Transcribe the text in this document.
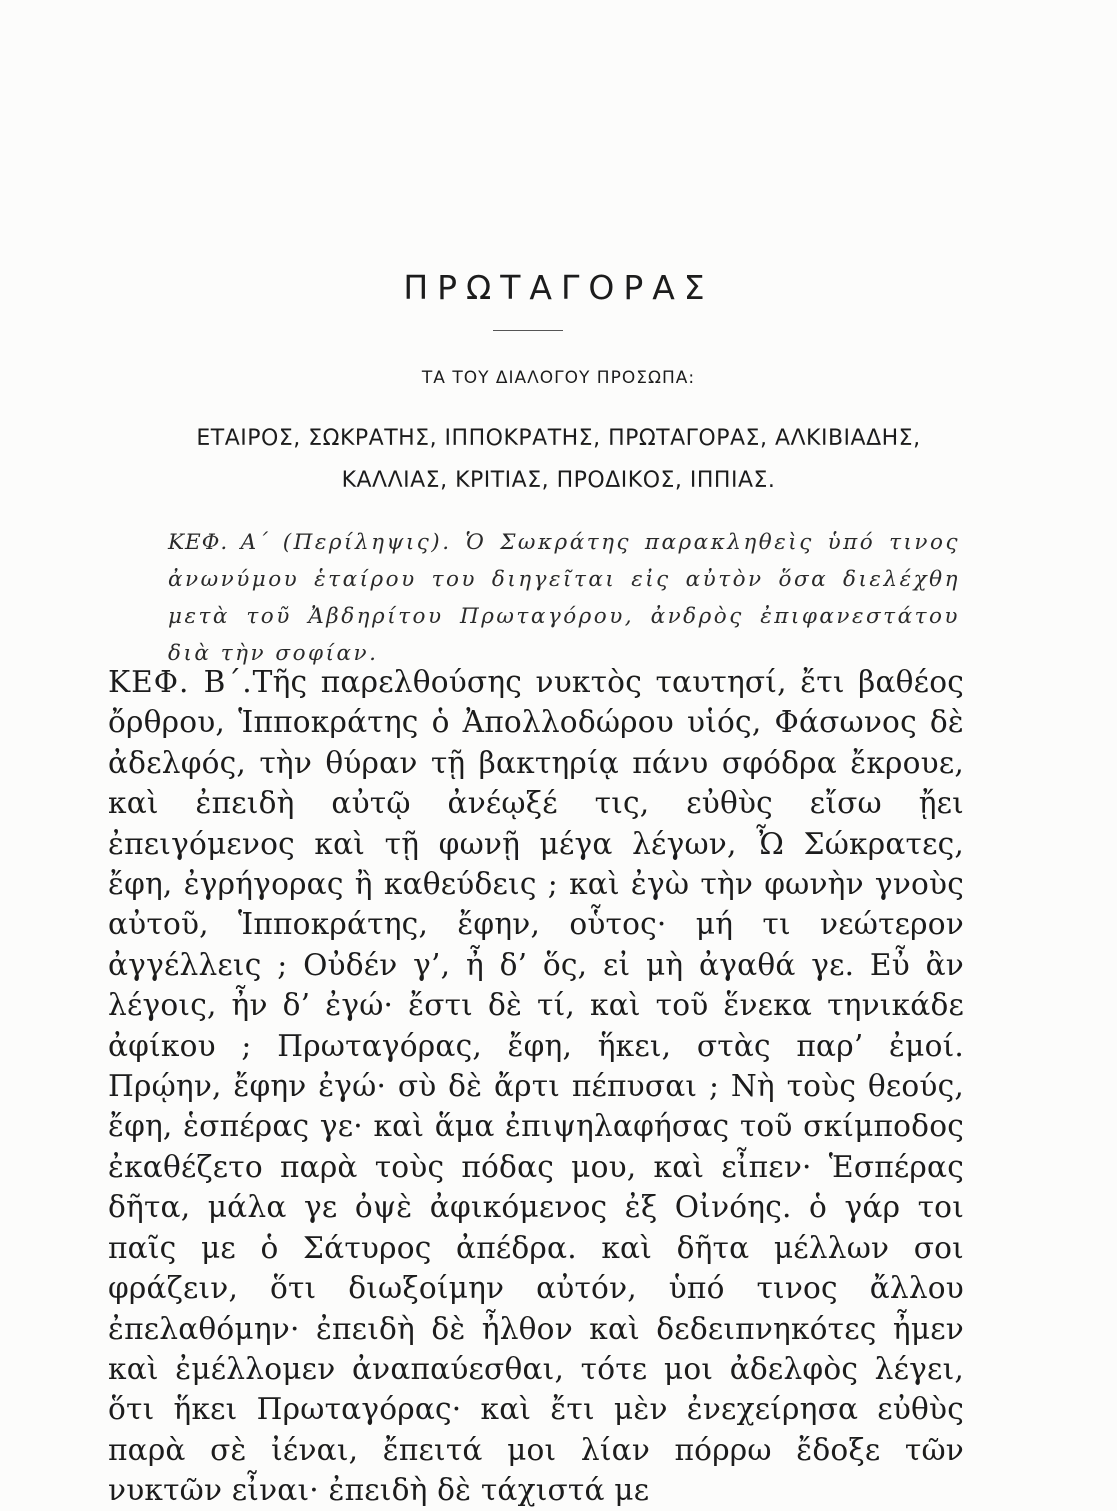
ΠΡΩΤΑΓΟΡΑΣ
ΤΑ ΤΟΥ ΔΙΑΛΟΓΟΥ ΠΡΟΣΩΠΑ:
ΕΤΑΙΡΟΣ, ΣΩΚΡΑΤΗΣ, ΙΠΠΟΚΡΑΤΗΣ, ΠΡΩΤΑΓΟΡΑΣ, ΑΛΚΙΒΙΑΔΗΣ,
ΚΑΛΛΙΑΣ, ΚΡΙΤΙΑΣ, ΠΡΟΔΙΚΟΣ, ΙΠΠΙΑΣ.
ΚΕΦ. Α΄ (Περίληψις). Ὁ Σωκράτης παρακληθεὶς ὑπό τινος ἀνωνύμου ἑταίρου του διηγεῖται εἰς αὐτὸν ὅσα διελέχθη μετὰ τοῦ Ἀβδηρίτου Πρωταγόρου, ἀνδρὸς ἐπιφανεστάτου διὰ τὴν σοφίαν.
ΚΕΦ. Β΄.Τῆς παρελθούσης νυκτὸς ταυτησί, ἔτι βαθέος ὄρθρου, Ἱπποκράτης ὁ Ἀπολλοδώρου υἱός, Φάσωνος δὲ ἀδελφός, τὴν θύραν τῇ βακτηρίᾳ πάνυ σφόδρα ἔκρουε, καὶ ἐπειδὴ αὐτῷ ἀνέῳξέ τις, εὐθὺς εἴσω ᾔει ἐπειγόμενος καὶ τῇ φωνῇ μέγα λέγων, Ὦ Σώκρατες, ἔφη, ἐγρήγορας ἢ καθεύδεις ; καὶ ἐγὼ τὴν φωνὴν γνοὺς αὐτοῦ, Ἱπποκράτης, ἔφην, οὗτος· μή τι νεώτερον ἀγγέλλεις ; Οὐδέν γ’, ἦ δ’ ὅς, εἰ μὴ ἀγαθά γε. Εὖ ἂν λέγοις, ἦν δ’ ἐγώ· ἔστι δὲ τί, καὶ τοῦ ἕνεκα τηνικάδε ἀφίκου ; Πρωταγόρας, ἔφη, ἥκει, στὰς παρ’ ἐμοί. Πρῴην, ἔφην ἐγώ· σὺ δὲ ἄρτι πέπυσαι ; Νὴ τοὺς θεούς, ἔφη, ἑσπέρας γε· καὶ ἅμα ἐπιψηλαφήσας τοῦ σκίμποδος ἐκαθέζετο παρὰ τοὺς πόδας μου, καὶ εἶπεν· Ἑσπέρας δῆτα, μάλα γε ὀψὲ ἀφικόμενος ἐξ Οἰνόης. ὁ γάρ τοι παῖς με ὁ Σάτυρος ἀπέδρα. καὶ δῆτα μέλλων σοι φράζειν, ὅτι διωξοίμην αὐτόν, ὑπό τινος ἄλλου ἐπελαθόμην· ἐπειδὴ δὲ ἦλθον καὶ δεδειπνηκότες ἦμεν καὶ ἐμέλλομεν ἀναπαύεσθαι, τότε μοι ἀδελφὸς λέγει, ὅτι ἥκει Πρωταγόρας· καὶ ἔτι μὲν ἐνεχείρησα εὐθὺς παρὰ σὲ ἰέναι, ἔπειτά μοι λίαν πόρρω ἔδοξε τῶν νυκτῶν εἶναι· ἐπειδὴ δὲ τάχιστά με
